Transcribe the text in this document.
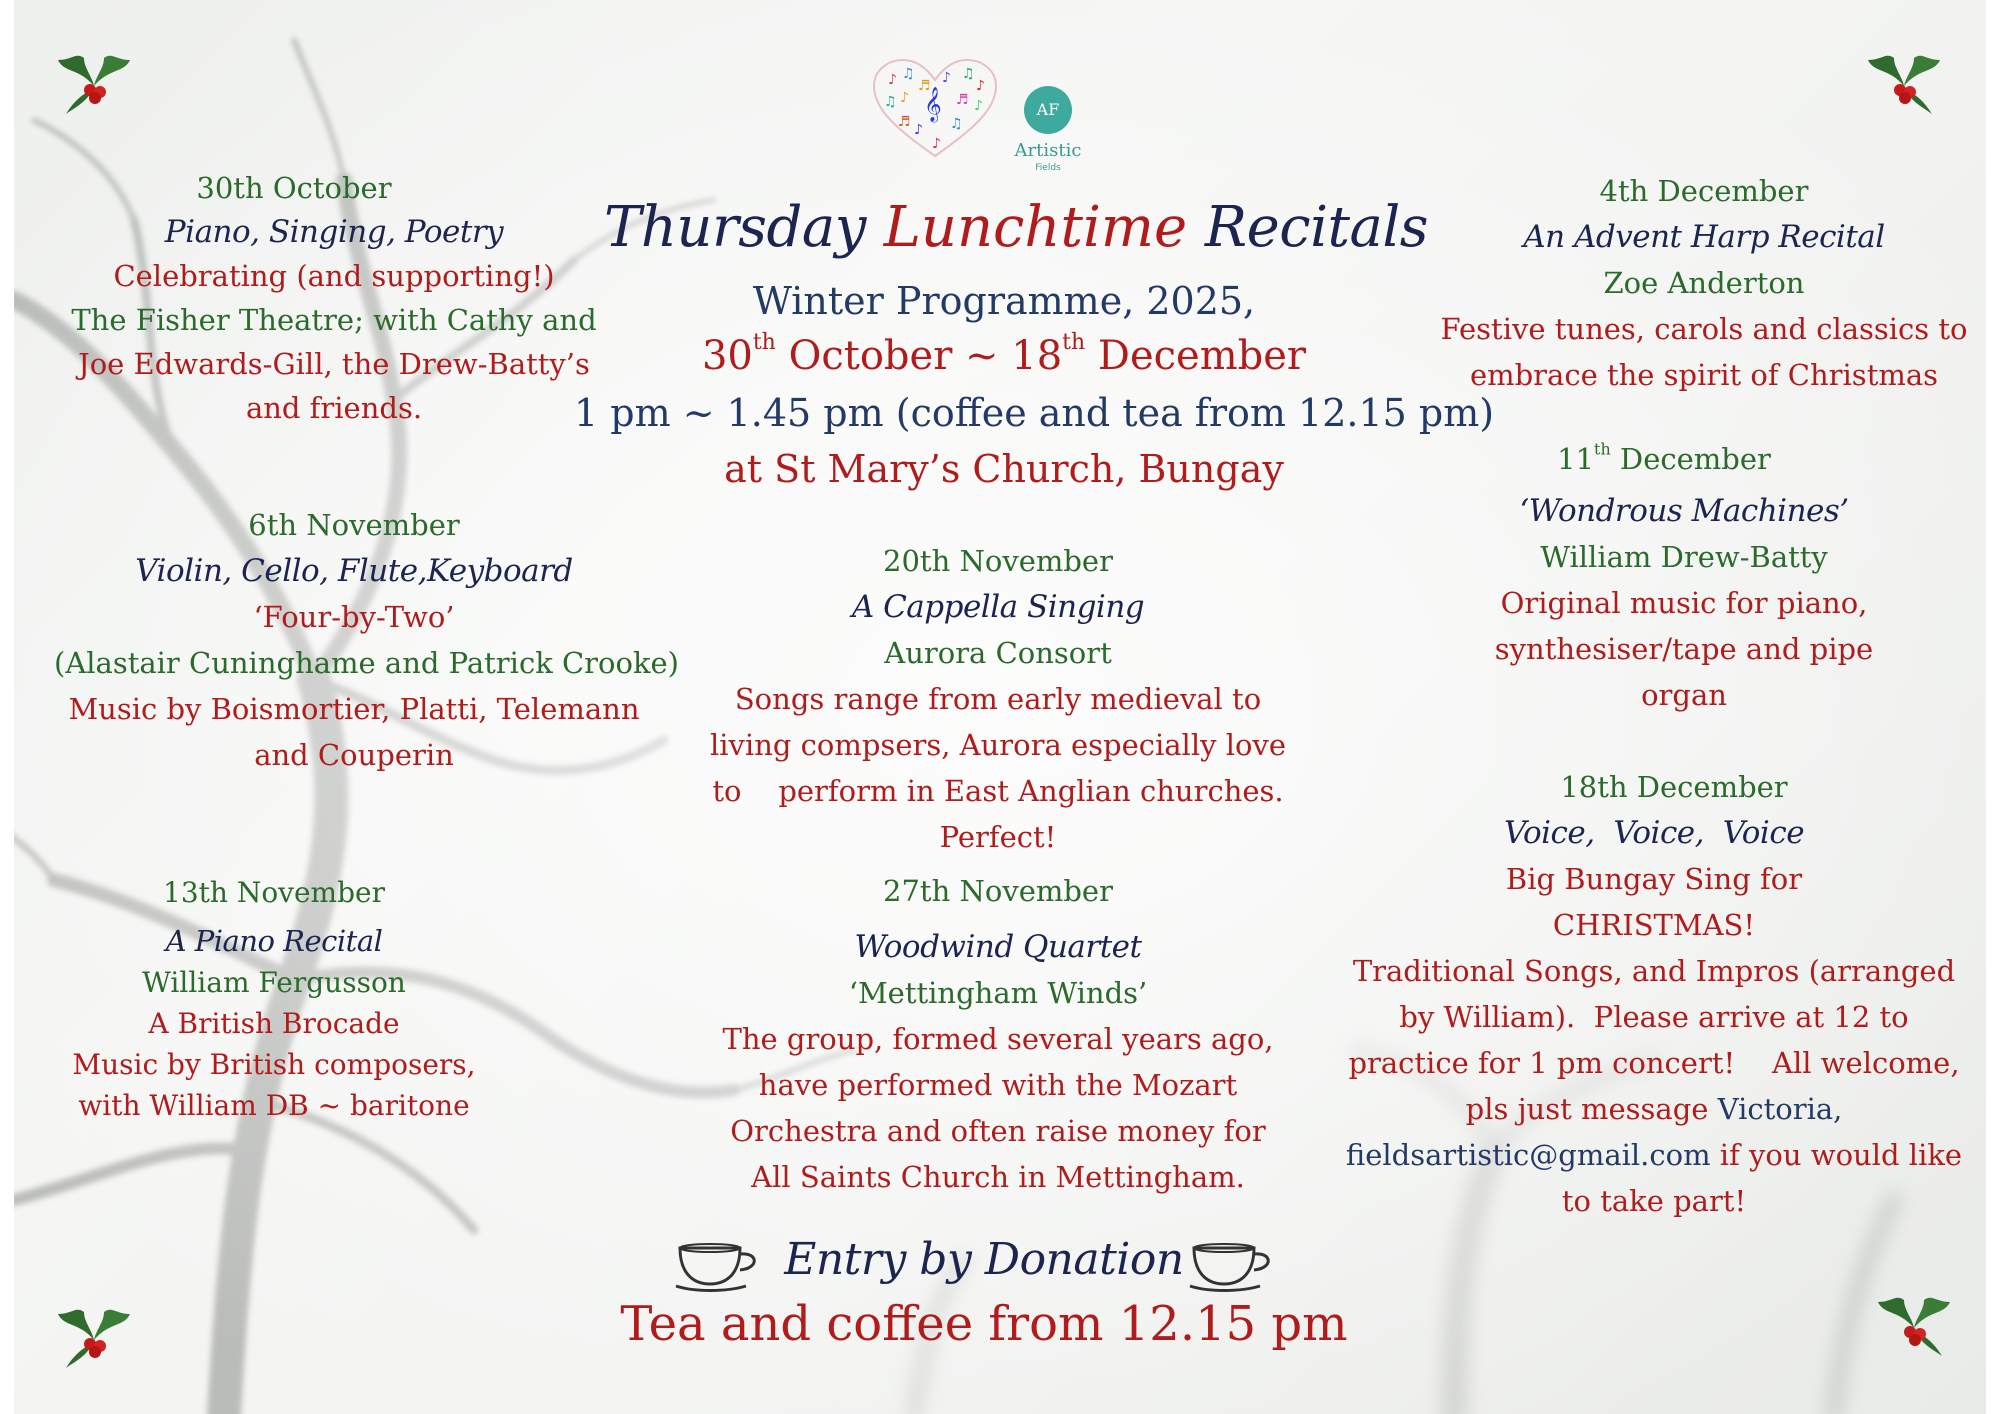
♪ ♫
♬ ♪ ♫
♪
♫ ♪ 𝄞 ♬ ♪
♬ ♪ ♫
♪
AF
Artistic
Fields
Thursday Lunchtime Recitals
Winter Programme, 2025,
30th October ~ 18th December
1 pm ~ 1.45 pm (coffee and tea from 12.15 pm)
at St Mary’s Church, Bungay
30th October
Piano, Singing, Poetry
Celebrating (and supporting!)
The Fisher Theatre; with Cathy and
Joe Edwards-Gill, the Drew-Batty’s
and friends.
6th November
Violin, Cello, Flute,Keyboard
‘Four-by-Two’
(Alastair Cuninghame and Patrick Crooke)
Music by Boismortier, Platti, Telemann
and Couperin
13th November
A Piano Recital
William Fergusson
A British Brocade
Music by British composers,
with William DB ~ baritone
20th November
A Cappella Singing
Aurora Consort
Songs range from early medieval to
living compsers, Aurora especially love
to    perform in East Anglian churches.
Perfect!
27th November
Woodwind Quartet
‘Mettingham Winds’
The group, formed several years ago,
have performed with the Mozart
Orchestra and often raise money for
All Saints Church in Mettingham.
4th December
An Advent Harp Recital
Zoe Anderton
Festive tunes, carols and classics to
embrace the spirit of Christmas
11th December
‘Wondrous Machines’
William Drew-Batty
Original music for piano,
synthesiser/tape and pipe
organ
18th December
Voice,  Voice,  Voice
Big Bungay Sing for
CHRISTMAS!
Traditional Songs, and Impros (arranged
by William).  Please arrive at 12 to
practice for 1 pm concert!    All welcome,
pls just message Victoria,
fieldsartistic@gmail.com if you would like
to take part!
Entry by Donation
Tea and coffee from 12.15 pm
